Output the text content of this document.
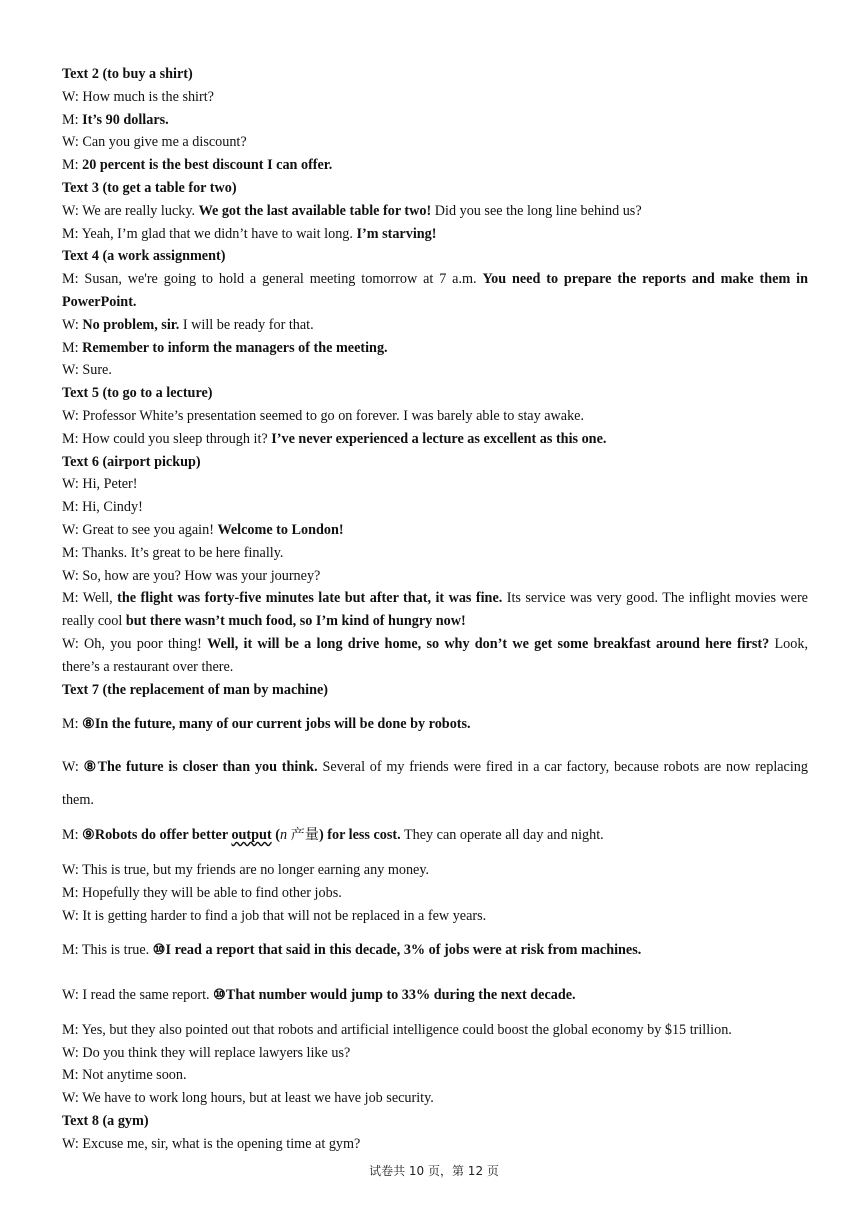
Text 2 (to buy a shirt)

W: How much is the shirt?

M: It’s 90 dollars.

W: Can you give me a discount?

M: 20 percent is the best discount I can offer.

Text 3 (to get a table for two)

W: We are really lucky. We got the last available table for two! Did you see the long line behind us?

M: Yeah, I’m glad that we didn’t have to wait long. I’m starving!

Text 4 (a work assignment)

M: Susan, we're going to hold a general meeting tomorrow at 7 a.m. You need to prepare the reports and make them in PowerPoint.

W: No problem, sir. I will be ready for that.

M: Remember to inform the managers of the meeting.

W: Sure.

Text 5 (to go to a lecture)

W: Professor White’s presentation seemed to go on forever. I was barely able to stay awake.

M: How could you sleep through it? I’ve never experienced a lecture as excellent as this one.

Text 6 (airport pickup)

W: Hi, Peter!

M: Hi, Cindy!

W: Great to see you again! Welcome to London!

M: Thanks. It’s great to be here finally.

W: So, how are you? How was your journey?

M: Well, the flight was forty-five minutes late but after that, it was fine. Its service was very good. The inflight movies were really cool but there wasn’t much food, so I’m kind of hungry now!

W: Oh, you poor thing! Well, it will be a long drive home, so why don’t we get some breakfast around here first? Look, there’s a restaurant over there.

Text 7 (the replacement of man by machine)

M: ⑧In the future, many of our current jobs will be done by robots.

W: ⑧The future is closer than you think. Several of my friends were fired in a car factory, because robots are now replacing them.

M: ⑨Robots do offer better output (n 产量) for less cost. They can operate all day and night.

W: This is true, but my friends are no longer earning any money.

M: Hopefully they will be able to find other jobs.

W: It is getting harder to find a job that will not be replaced in a few years.

M: This is true. ⑩I read a report that said in this decade, 3% of jobs were at risk from machines.

W: I read the same report. ⑩That number would jump to 33% during the next decade.

M: Yes, but they also pointed out that robots and artificial intelligence could boost the global economy by $15 trillion.

W: Do you think they will replace lawyers like us?

M: Not anytime soon.

W: We have to work long hours, but at least we have job security.

Text 8 (a gym)

W: Excuse me, sir, what is the opening time at gym?

试卷共 10 页，第 12 页
